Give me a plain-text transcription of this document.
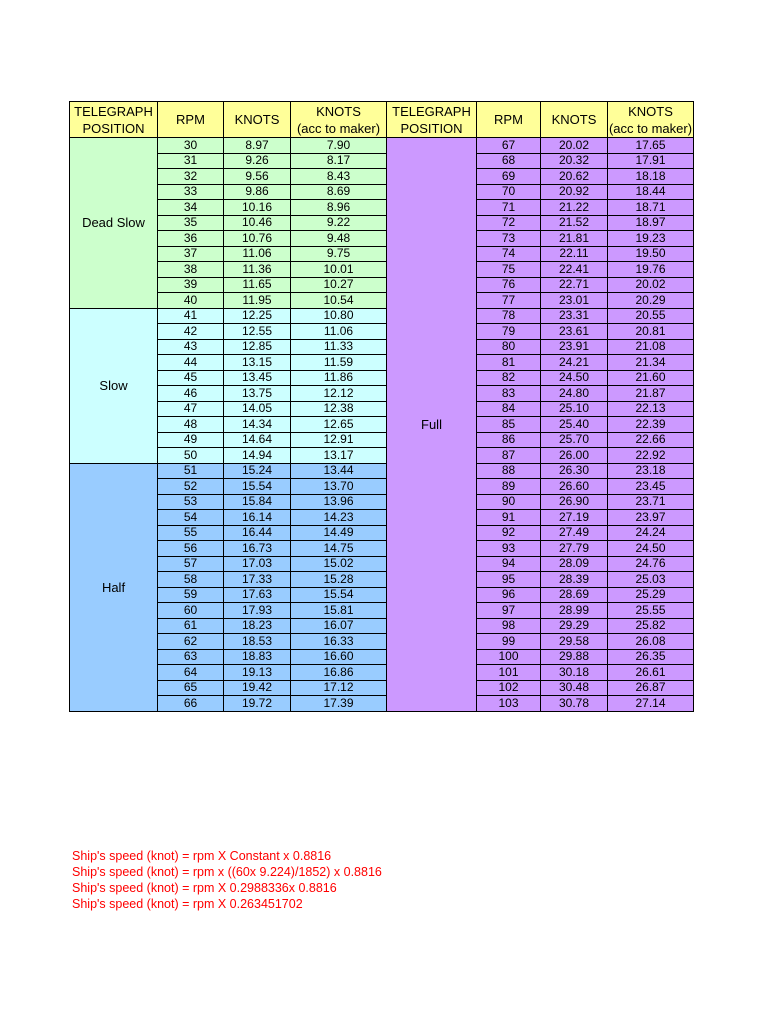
TELEGRAPH
POSITION	RPM	KNOTS	KNOTS
(acc to maker)	TELEGRAPH
POSITION	RPM	KNOTS	KNOTS
(acc to maker)
Dead Slow	30	8.97	7.90	Full	67	20.02	17.65
	31	9.26	8.17		68	20.32	17.91
	32	9.56	8.43		69	20.62	18.18
	33	9.86	8.69		70	20.92	18.44
	34	10.16	8.96		71	21.22	18.71
	35	10.46	9.22		72	21.52	18.97
	36	10.76	9.48		73	21.81	19.23
	37	11.06	9.75		74	22.11	19.50
	38	11.36	10.01		75	22.41	19.76
	39	11.65	10.27		76	22.71	20.02
	40	11.95	10.54		77	23.01	20.29
Slow	41	12.25	10.80		78	23.31	20.55
	42	12.55	11.06		79	23.61	20.81
	43	12.85	11.33		80	23.91	21.08
	44	13.15	11.59		81	24.21	21.34
	45	13.45	11.86		82	24.50	21.60
	46	13.75	12.12		83	24.80	21.87
	47	14.05	12.38		84	25.10	22.13
	48	14.34	12.65		85	25.40	22.39
	49	14.64	12.91		86	25.70	22.66
	50	14.94	13.17		87	26.00	22.92
Half	51	15.24	13.44		88	26.30	23.18
	52	15.54	13.70		89	26.60	23.45
	53	15.84	13.96		90	26.90	23.71
	54	16.14	14.23		91	27.19	23.97
	55	16.44	14.49		92	27.49	24.24
	56	16.73	14.75		93	27.79	24.50
	57	17.03	15.02		94	28.09	24.76
	58	17.33	15.28		95	28.39	25.03
	59	17.63	15.54		96	28.69	25.29
	60	17.93	15.81		97	28.99	25.55
	61	18.23	16.07		98	29.29	25.82
	62	18.53	16.33		99	29.58	26.08
	63	18.83	16.60		100	29.88	26.35
	64	19.13	16.86		101	30.18	26.61
	65	19.42	17.12		102	30.48	26.87
	66	19.72	17.39		103	30.78	27.14
Ship's speed (knot) = rpm X Constant x 0.8816
Ship's speed (knot) = rpm x ((60x 9.224)/1852) x 0.8816
Ship's speed (knot) = rpm X 0.2988336x 0.8816
Ship's speed (knot) = rpm X 0.263451702
